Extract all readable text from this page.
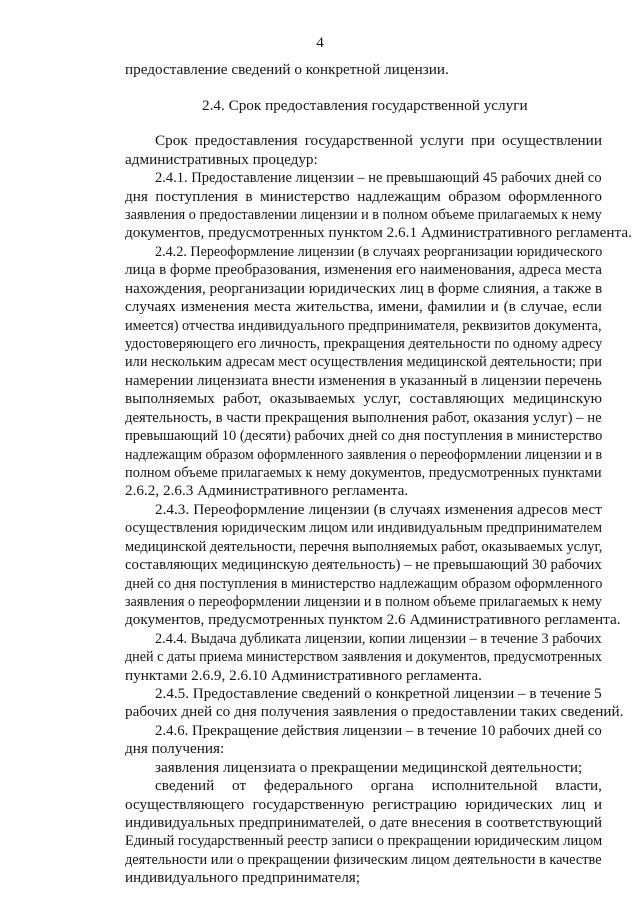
4
предоставление сведений о конкретной лицензии.
2.4. Срок предоставления государственной услуги
Срок предоставления государственной услуги при осуществлении
административных процедур:
2.4.1. Предоставление лицензии – не превышающий 45 рабочих дней со
дня поступления в министерство надлежащим образом оформленного
заявления о предоставлении лицензии и в полном объеме прилагаемых к нему
документов, предусмотренных пунктом 2.6.1 Административного регламента.
2.4.2. Переоформление лицензии (в случаях реорганизации юридического
лица в форме преобразования, изменения его наименования, адреса места
нахождения, реорганизации юридических лиц в форме слияния, а также в
случаях изменения места жительства, имени, фамилии и (в случае, если
имеется) отчества индивидуального предпринимателя, реквизитов документа,
удостоверяющего его личность, прекращения деятельности по одному адресу
или нескольким адресам мест осуществления медицинской деятельности; при
намерении лицензиата внести изменения в указанный в лицензии перечень
выполняемых работ, оказываемых услуг, составляющих медицинскую
деятельность, в части прекращения выполнения работ, оказания услуг) – не
превышающий 10 (десяти) рабочих дней со дня поступления в министерство
надлежащим образом оформленного заявления о переоформлении лицензии и в
полном объеме прилагаемых к нему документов, предусмотренных пунктами
2.6.2, 2.6.3 Административного регламента.
2.4.3. Переоформление лицензии (в случаях изменения адресов мест
осуществления юридическим лицом или индивидуальным предпринимателем
медицинской деятельности, перечня выполняемых работ, оказываемых услуг,
составляющих медицинскую деятельность) – не превышающий 30 рабочих
дней со дня поступления в министерство надлежащим образом оформленного
заявления о переоформлении лицензии и в полном объеме прилагаемых к нему
документов, предусмотренных пунктом 2.6 Административного регламента.
2.4.4. Выдача дубликата лицензии, копии лицензии – в течение 3 рабочих
дней с даты приема министерством заявления и документов, предусмотренных
пунктами 2.6.9, 2.6.10 Административного регламента.
2.4.5. Предоставление сведений о конкретной лицензии – в течение 5
рабочих дней со дня получения заявления о предоставлении таких сведений.
2.4.6. Прекращение действия лицензии – в течение 10 рабочих дней со
дня получения:
заявления лицензиата о прекращении медицинской деятельности;
сведений от федерального органа исполнительной власти,
осуществляющего государственную регистрацию юридических лиц и
индивидуальных предпринимателей, о дате внесения в соответствующий
Единый государственный реестр записи о прекращении юридическим лицом
деятельности или о прекращении физическим лицом деятельности в качестве
индивидуального предпринимателя;
